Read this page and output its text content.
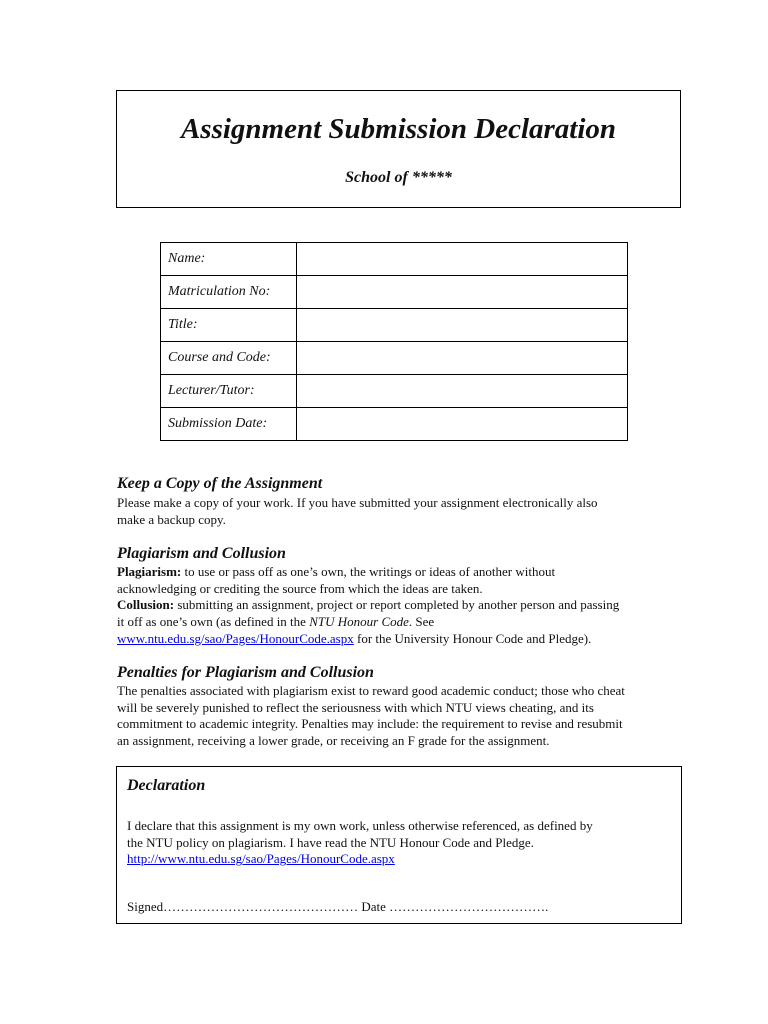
Assignment Submission Declaration
School of *****
Name:	
Matriculation No:	
Title:	
Course and Code:	
Lecturer/Tutor:	
Submission Date:	
Keep a Copy of the Assignment
Please make a copy of your work. If you have submitted your assignment electronically also
make a backup copy.
Plagiarism and Collusion
Plagiarism: to use or pass off as one’s own, the writings or ideas of another without
acknowledging or crediting the source from which the ideas are taken.
Collusion: submitting an assignment, project or report completed by another person and passing
it off as one’s own (as defined in the NTU Honour Code. See
www.ntu.edu.sg/sao/Pages/HonourCode.aspx for the University Honour Code and Pledge).
Penalties for Plagiarism and Collusion
The penalties associated with plagiarism exist to reward good academic conduct; those who cheat
will be severely punished to reflect the seriousness with which NTU views cheating, and its
commitment to academic integrity. Penalties may include: the requirement to revise and resubmit
an assignment, receiving a lower grade, or receiving an F grade for the assignment.
Declaration
I declare that this assignment is my own work, unless otherwise referenced, as defined by
the NTU policy on plagiarism. I have read the NTU Honour Code and Pledge.
http://www.ntu.edu.sg/sao/Pages/HonourCode.aspx
Signed……………………………………… Date ……………………………….
